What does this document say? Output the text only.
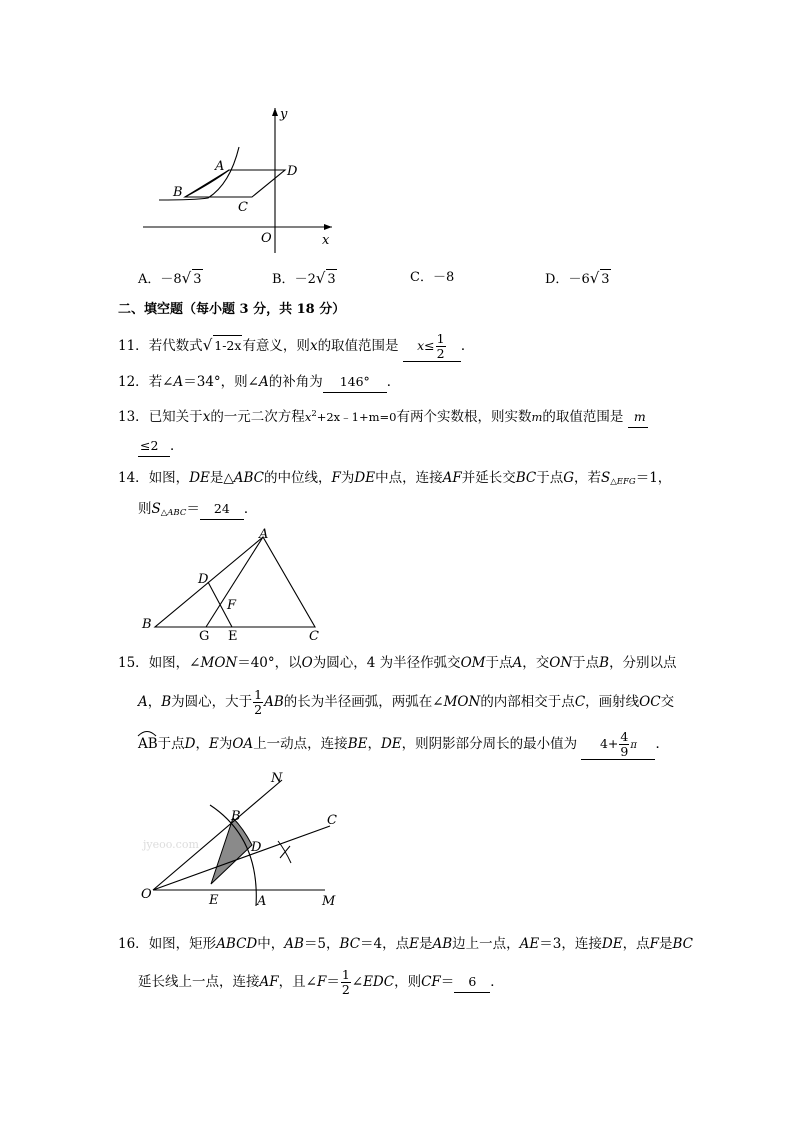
y
x
A
B
C
D
O
A．－8√ 3	B．－2√ 3	C．－8	D．－6√ 3
二、填空题（每小题 3 分，共 18 分）
11．若代数式√ 1-2x有意义，则x的取值范围是 $x\le \frac{1}{2}$ ．
12．若∠A＝34°，则∠A的补角为 146° ．
13．已知关于x的一元二次方程$x^2+2x﹣1+m=0$有两个实数根，则实数m的取值范围是 m
≤2 ．
14．如图，DE是△ABC的中位线，F为DE中点，连接AF并延长交BC于点G，若$S_{\triangle EFG}=1$，
则$S_{\triangle ABC}= 24$ ．
A
D
F
B
G E	C
15．如图，∠MON＝40°，以O为圆心，4 为半径作弧交OM于点A，交ON于点B，分别以点
A，B为圆心，大于 $\frac{1}{2}$ AB的长为半径画弧，两弧在∠MON的内部相交于点C，画射线OC交
AB于点D，E为OA上一动点，连接BE，DE，则阴影部分周长的最小值为 $4+ \frac{4}{9}$ π ．
jyeoo.com
N
B	C
D
O	E	A	M
16．如图，矩形ABCD中，AB＝5，BC＝4，点E是AB边上一点，AE＝3，连接DE，点F是BC
延长线上一点，连接AF，且∠F＝ $\frac{1}{2}$ ∠EDC，则CF＝ 6 ．
